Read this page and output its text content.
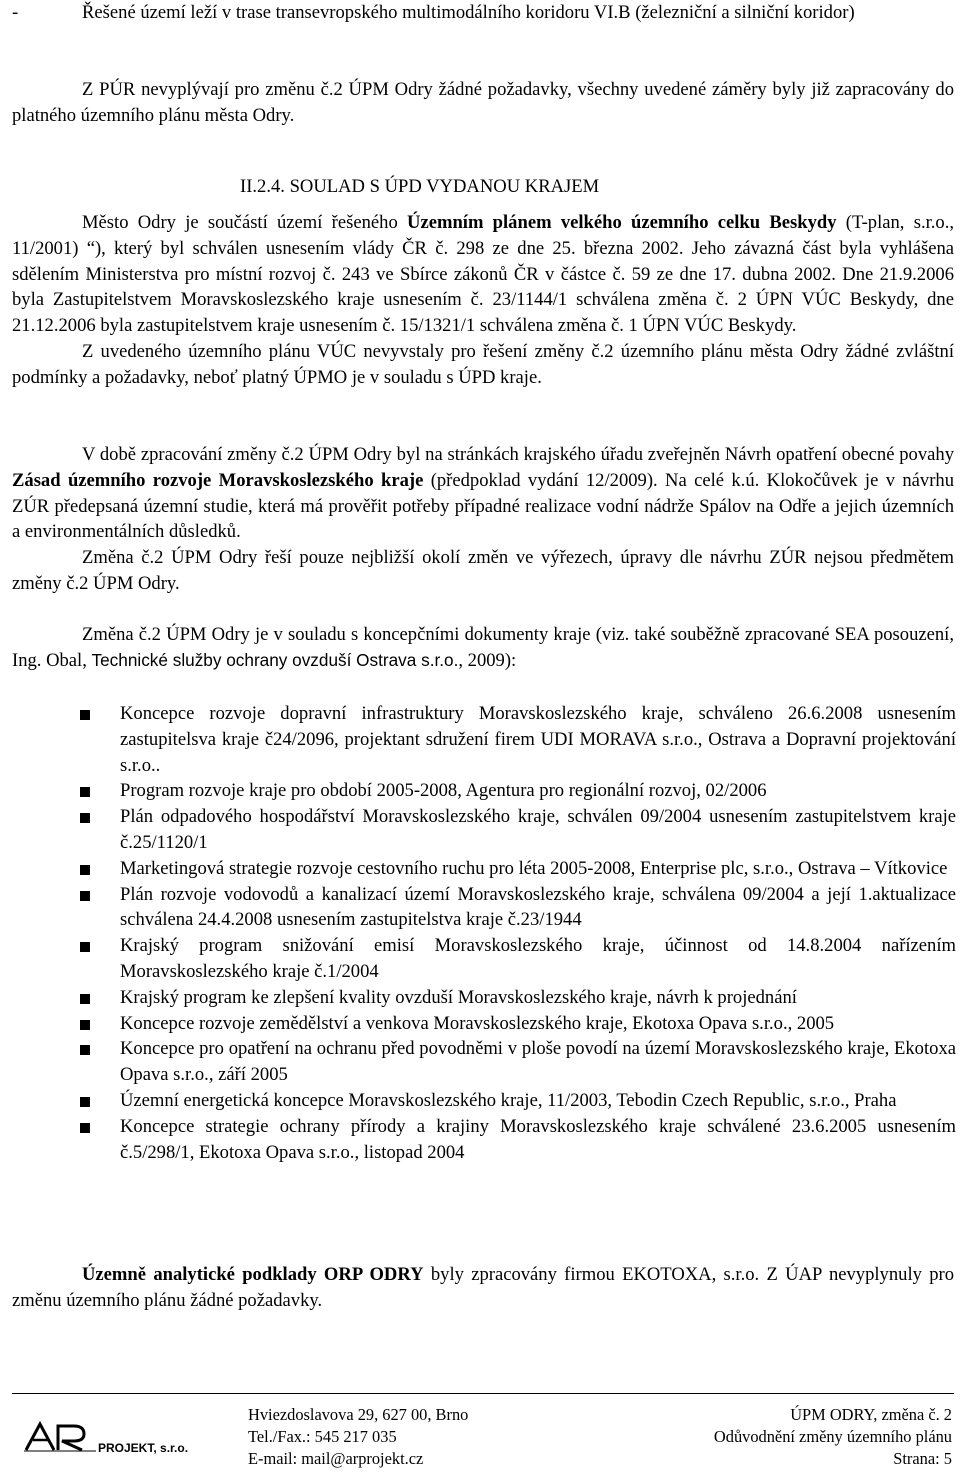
-	Řešené území leží v trase transevropského multimodálního koridoru VI.B (železniční a silniční koridor)

Z PÚR nevyplývají pro změnu č.2 ÚPM Odry žádné požadavky, všechny uvedené záměry byly již zapracovány do platného územního plánu města Odry.

II.2.4. SOULAD S ÚPD VYDANOU KRAJEM

Město Odry je součástí území řešeného Územním plánem velkého územního celku Beskydy (T-plan, s.r.o., 11/2001) “), který byl schválen usnesením vlády ČR č. 298 ze dne 25. března 2002. Jeho závazná část byla vyhlášena sdělením Ministerstva pro místní rozvoj č. 243 ve Sbírce zákonů ČR v částce č. 59 ze dne 17. dubna 2002. Dne 21.9.2006 byla Zastupitelstvem Moravskoslezského kraje usnesením č. 23/1144/1 schválena změna č. 2 ÚPN VÚC Beskydy, dne 21.12.2006 byla zastupitelstvem kraje usnesením č. 15/1321/1 schválena změna č. 1 ÚPN VÚC Beskydy.

Z uvedeného územního plánu VÚC nevyvstaly pro řešení změny č.2 územního plánu města Odry žádné zvláštní podmínky a požadavky, neboť platný ÚPMO je v souladu s ÚPD kraje.

V době zpracování změny č.2 ÚPM Odry byl na stránkách krajského úřadu zveřejněn Návrh opatření obecné povahy Zásad územního rozvoje Moravskoslezského kraje (předpoklad vydání 12/2009). Na celé k.ú. Klokočůvek je v návrhu ZÚR předepsaná územní studie, která má prověřit potřeby případné realizace vodní nádrže Spálov na Odře a jejich územních a environmentálních důsledků.

Změna č.2 ÚPM Odry řeší pouze nejbližší okolí změn ve výřezech, úpravy dle návrhu ZÚR nejsou předmětem změny č.2 ÚPM Odry.

Změna č.2 ÚPM Odry je v souladu s koncepčními dokumenty kraje (viz. také souběžně zpracované SEA posouzení, Ing. Obal, Technické služby ochrany ovzduší Ostrava s.r.o., 2009):

Koncepce rozvoje dopravní infrastruktury Moravskoslezského kraje, schváleno 26.6.2008 usnesením zastupitelsva kraje č24/2096, projektant sdružení firem UDI MORAVA s.r.o., Ostrava a Dopravní projektování s.r.o..
Program rozvoje kraje pro období 2005-2008, Agentura pro regionální rozvoj, 02/2006
Plán odpadového hospodářství Moravskoslezského kraje, schválen 09/2004 usnesením zastupitelstvem kraje č.25/1120/1
Marketingová strategie rozvoje cestovního ruchu pro léta 2005-2008, Enterprise plc, s.r.o., Ostrava – Vítkovice
Plán rozvoje vodovodů a kanalizací území Moravskoslezského kraje, schválena 09/2004 a její 1.aktualizace schválena 24.4.2008 usnesením zastupitelstva kraje č.23/1944
Krajský program snižování emisí Moravskoslezského kraje, účinnost od 14.8.2004 nařízením Moravskoslezského kraje č.1/2004
Krajský program ke zlepšení kvality ovzduší Moravskoslezského kraje, návrh k projednání
Koncepce rozvoje zemědělství a venkova Moravskoslezského kraje, Ekotoxa Opava s.r.o., 2005
Koncepce pro opatření na ochranu před povodněmi v ploše povodí na území Moravskoslezského kraje, Ekotoxa Opava s.r.o., září 2005
Územní energetická koncepce Moravskoslezského kraje, 11/2003, Tebodin Czech Republic, s.r.o., Praha
Koncepce strategie ochrany přírody a krajiny Moravskoslezského kraje schválené 23.6.2005 usnesením č.5/298/1, Ekotoxa Opava s.r.o., listopad 2004

Územně analytické podklady ORP ODRY byly zpracovány firmou EKOTOXA, s.r.o. Z ÚAP nevyplynuly pro změnu územního plánu žádné požadavky.

PROJEKT, s.r.o.
Hviezdoslavova 29, 627 00, Brno
Tel./Fax.: 545 217 035
E-mail: mail@arprojekt.cz
ÚPM ODRY, změna č. 2
Odůvodnění změny územního plánu
Strana: 5
